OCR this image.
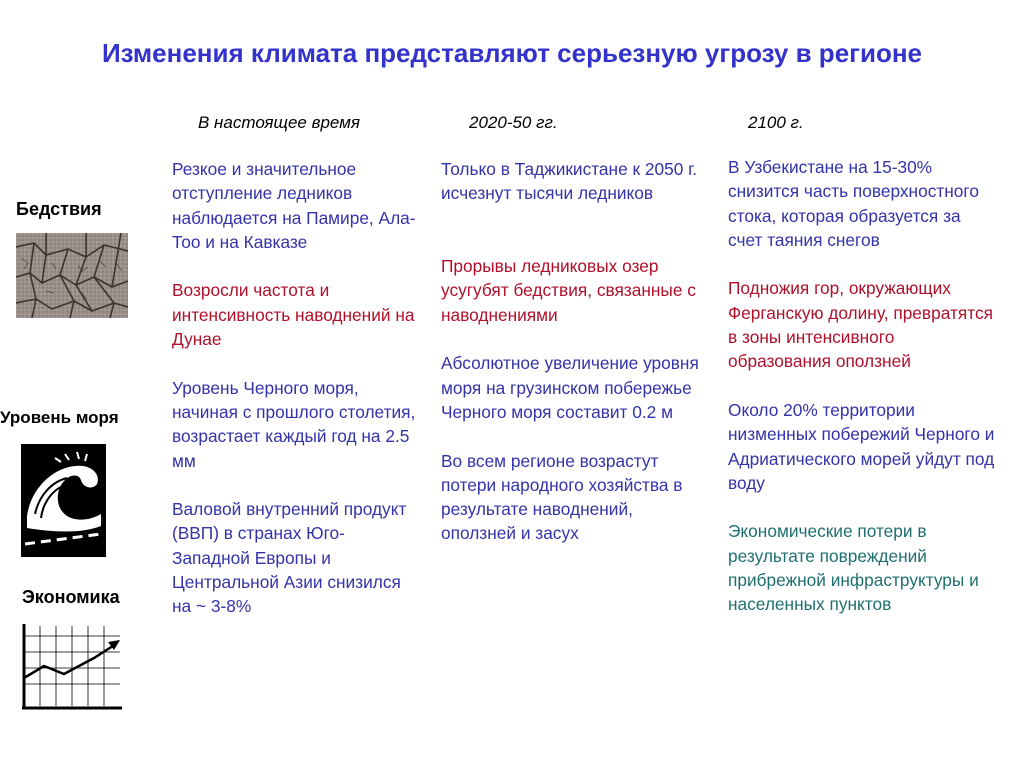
Изменения климата представляют серьезную угрозу в регионе
В настоящее время	2020-50 гг.	2100 г.
Бедствия
Уровень моря
Экономика

Резкое и значительное отступление ледников наблюдается на Памире, Ала-Тоо и на Кавказе

Возросли частота и интенсивность наводнений на Дунае

Уровень Черного моря, начиная с прошлого столетия, возрастает каждый год на 2.5 мм

Валовой внутренний продукт (ВВП) в странах Юго-Западной Европы и Центральной Азии снизился на ~ 3-8%

Только в Таджикистане к 2050 г. исчезнут тысячи ледников

Прорывы ледниковых озер усугубят бедствия, связанные с наводнениями

Абсолютное увеличение уровня моря на грузинском побережье Черного моря составит 0.2 м

Во всем регионе возрастут потери народного хозяйства в результате наводнений, оползней и засух

В Узбекистане на 15-30% снизится часть поверхностного стока, которая образуется за счет таяния снегов

Подножия гор, окружающих Ферганскую долину, превратятся в зоны интенсивного образования оползней

Около 20% территории низменных побережий Черного и Адриатического морей уйдут под воду

Экономические потери в результате повреждений прибрежной инфраструктуры и населенных пунктов
